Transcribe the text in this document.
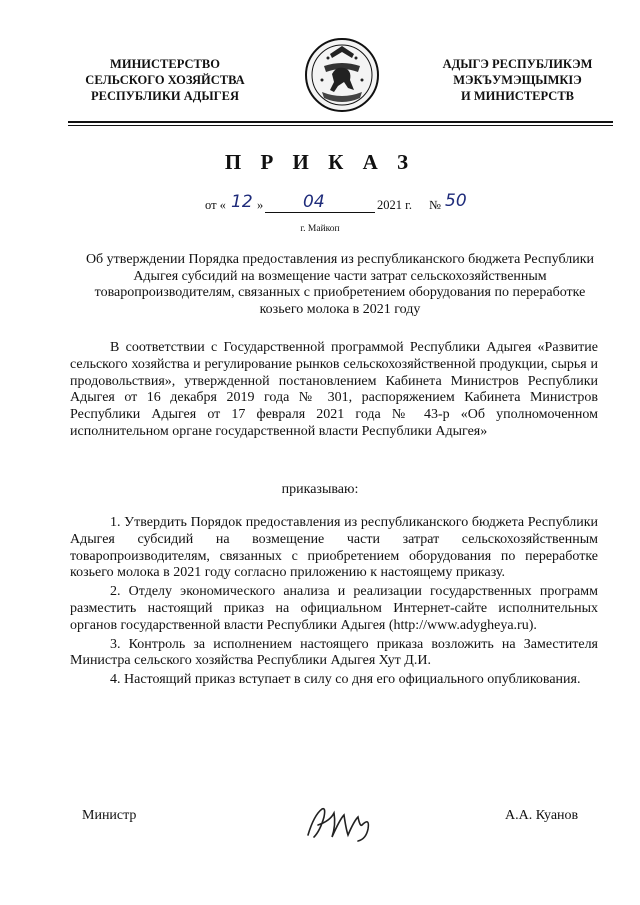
МИНИСТЕРСТВО
СЕЛЬСКОГО ХОЗЯЙСТВА
РЕСПУБЛИКИ АДЫГЕЯ
АДЫГЭ РЕСПУБЛИКЭМ
МЭКЪУМЭЩЫМКIЭ
И МИНИСТЕРСТВ
П Р И К А З
от « 12 » 04	2021 г. № 50
г. Майкоп
Об утверждении Порядка предоставления из республиканского бюджета Республики Адыгея субсидий на возмещение части затрат сельскохозяйственным товаропроизводителям, связанных с приобретением оборудования по переработке козьего молока в 2021 году
В соответствии с Государственной программой Республики Адыгея «Развитие сельского хозяйства и регулирование рынков сельскохозяйственной продукции, сырья и продовольствия», утвержденной постановлением Кабинета Министров Республики Адыгея от 16 декабря 2019 года № 301, распоряжением Кабинета Министров Республики Адыгея от 17 февраля 2021 года № 43-р «Об уполномоченном исполнительном органе государственной власти Республики Адыгея»
приказываю:

1. Утвердить Порядок предоставления из республиканского бюджета Республики Адыгея субсидий на возмещение части затрат сельскохозяйственным товаропроизводителям, связанных с приобретением оборудования по переработке козьего молока в 2021 году согласно приложению к настоящему приказу.

2. Отделу экономического анализа и реализации государственных программ разместить настоящий приказ на официальном Интернет-сайте исполнительных органов государственной власти Республики Адыгея (http://www.adygheya.ru).

3. Контроль за исполнением настоящего приказа возложить на Заместителя Министра сельского хозяйства Республики Адыгея Хут Д.И.

4. Настоящий приказ вступает в силу со дня его официального опубликования.

Министр	А.А. Куанов
